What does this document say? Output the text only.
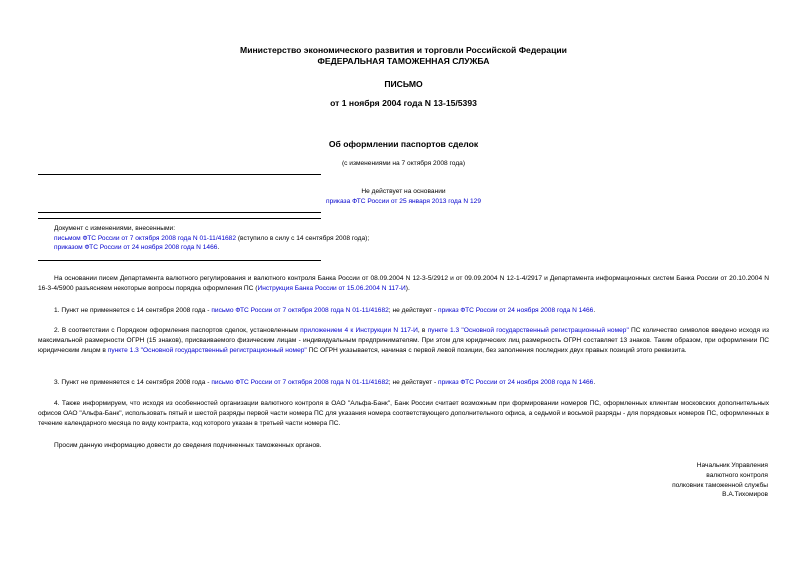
Министерство экономического развития и торговли Российской Федерации
ФЕДЕРАЛЬНАЯ ТАМОЖЕННАЯ СЛУЖБА
ПИСЬМО
от 1 ноября 2004 года N 13-15/5393
Об оформлении паспортов сделок
(с изменениями на 7 октября 2008 года)
Не действует на основании
приказа ФТС России от 25 января 2013 года N 129
Документ с изменениями, внесенными:
письмом ФТС России от 7 октября 2008 года N 01-11/41682 (вступило в силу с 14 сентября 2008 года);
приказом ФТС России от 24 ноября 2008 года N 1466.
На основании писем Департамента валютного регулирования и валютного контроля Банка России от 08.09.2004 N 12-3-5/2912 и от 09.09.2004 N 12-1-4/2917 и Департамента информационных систем Банка России от 20.10.2004 N 16-3-4/5900 разъясняем некоторые вопросы порядка оформления ПС (Инструкция Банка России от 15.06.2004 N 117-И).
1. Пункт не применяется с 14 сентября 2008 года - письмо ФТС России от 7 октября 2008 года N 01-11/41682; не действует - приказ ФТС России от 24 ноября 2008 года N 1466.
2. В соответствии с Порядком оформления паспортов сделок, установленным приложением 4 к Инструкции N 117-И, в пункте 1.3 "Основной государственный регистрационный номер" ПС количество символов введено исходя из максимальной размерности ОГРН (15 знаков), присваиваемого физическим лицам - индивидуальным предпринимателям. При этом для юридических лиц размерность ОГРН составляет 13 знаков. Таким образом, при оформлении ПС юридическим лицом в пункте 1.3 "Основной государственный регистрационный номер" ПС ОГРН указывается, начиная с первой левой позиции, без заполнения последних двух правых позиций этого реквизита.
3. Пункт не применяется с 14 сентября 2008 года - письмо ФТС России от 7 октября 2008 года N 01-11/41682; не действует - приказ ФТС России от 24 ноября 2008 года N 1466.
4. Также информируем, что исходя из особенностей организации валютного контроля в ОАО "Альфа-Банк", Банк России считает возможным при формировании номеров ПС, оформленных клиентам московских дополнительных офисов ОАО "Альфа-Банк", использовать пятый и шестой разряды первой части номера ПС для указания номера соответствующего дополнительного офиса, а седьмой и восьмой разряды - для порядковых номеров ПС, оформленных в течение календарного месяца по виду контракта, код которого указан в третьей части номера ПС.
Просим данную информацию довести до сведения подчиненных таможенных органов.
Начальник Управления
валютного контроля
полковник таможенной службы
В.А.Тихомиров
